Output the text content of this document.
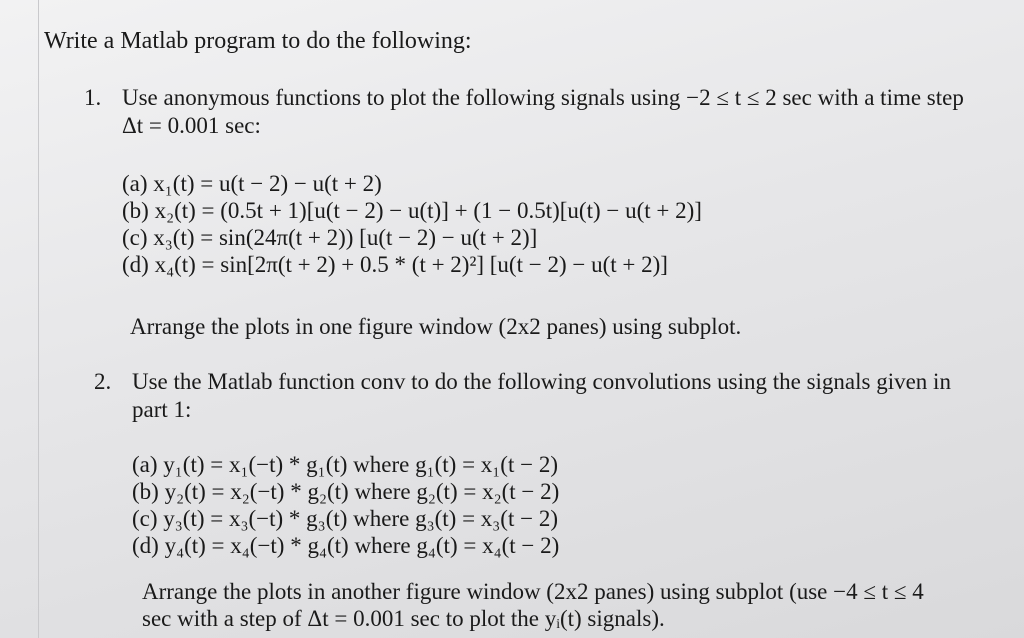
Write a Matlab program to do the following:
1. Use anonymous functions to plot the following signals using −2 ≤ t ≤ 2 sec with a time step Δt = 0.001 sec:
(a) x₁(t) = u(t − 2) − u(t + 2)
(b) x₂(t) = (0.5t + 1)[u(t − 2) − u(t)] + (1 − 0.5t)[u(t) − u(t + 2)]
(c) x₃(t) = sin(24π(t + 2)) [u(t − 2) − u(t + 2)]
(d) x₄(t) = sin[2π(t + 2) + 0.5 * (t + 2)²] [u(t − 2) − u(t + 2)]
Arrange the plots in one figure window (2x2 panes) using subplot.
2. Use the Matlab function conv to do the following convolutions using the signals given in part 1:
(a) y₁(t) = x₁(−t) * g₁(t) where g₁(t) = x₁(t − 2)
(b) y₂(t) = x₂(−t) * g₂(t) where g₂(t) = x₂(t − 2)
(c) y₃(t) = x₃(−t) * g₃(t) where g₃(t) = x₃(t − 2)
(d) y₄(t) = x₄(−t) * g₄(t) where g₄(t) = x₄(t − 2)
Arrange the plots in another figure window (2x2 panes) using subplot (use −4 ≤ t ≤ 4 sec with a step of Δt = 0.001 sec to plot the yᵢ(t) signals).
